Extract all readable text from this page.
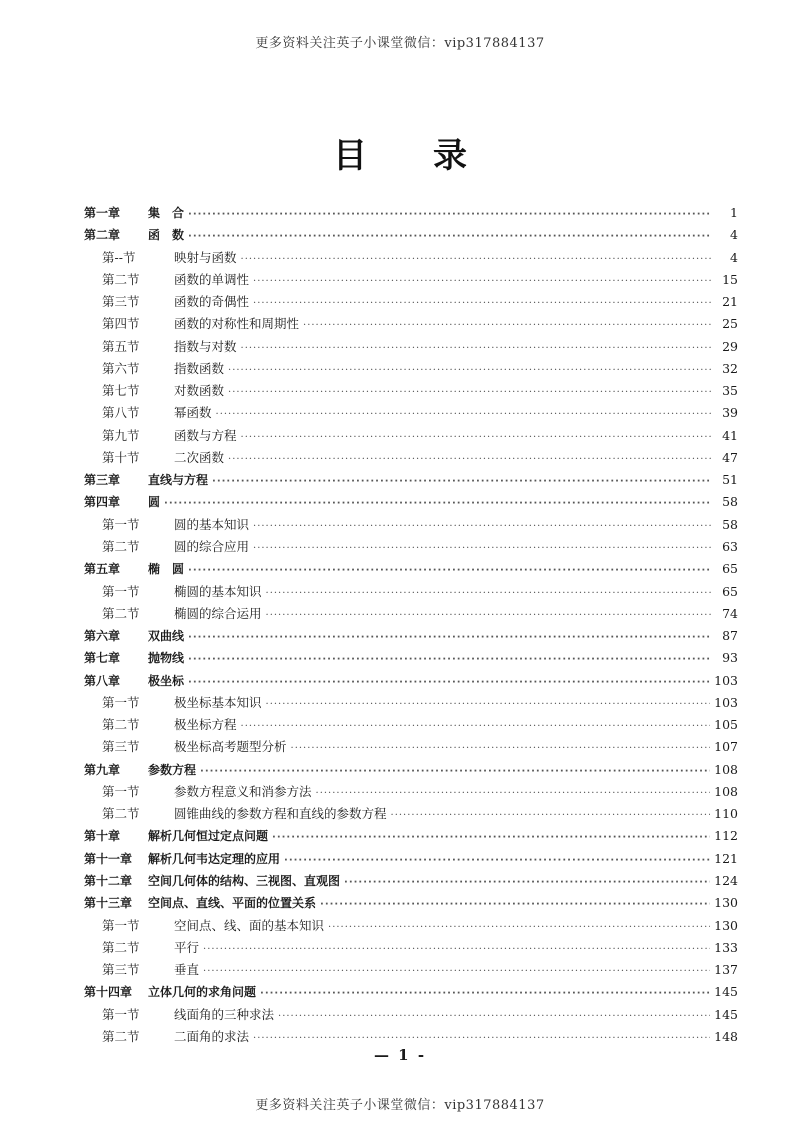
更多资料关注英子小课堂微信：vip317884137
目 录
第一章	集　合 ·····	1
第二章	函　数 ·····	4
第--节	映射与函数 ·····	4
第二节	函数的单调性 ·····	15
第三节	函数的奇偶性 ·····	21
第四节	函数的对称性和周期性 ·····	25
第五节	指数与对数 ·····	29
第六节	指数函数 ·····	32
第七节	对数函数 ·····	35
第八节	幂函数 ·····	39
第九节	函数与方程 ·····	41
第十节	二次函数 ·····	47
第三章	直线与方程 ·····	51
第四章	圆 ·····	58
第一节	圆的基本知识 ·····	58
第二节	圆的综合应用 ·····	63
第五章	椭　圆 ·····	65
第一节	椭圆的基本知识 ·····	65
第二节	椭圆的综合运用 ·····	74
第六章	双曲线 ·····	87
第七章	抛物线 ·····	93
第八章	极坐标 ·····	103
第一节	极坐标基本知识 ·····	103
第二节	极坐标方程 ·····	105
第三节	极坐标高考题型分析 ·····	107
第九章	参数方程 ·····	108
第一节	参数方程意义和消参方法 ·····	108
第二节	圆锥曲线的参数方程和直线的参数方程 ·····	110
第十章	解析几何恒过定点问题 ·····	112
第十一章 解析几何韦达定理的应用 ·····	121
第十二章 空间几何体的结构、三视图、直观图 ·····	124
第十三章 空间点、直线、平面的位置关系 ·····	130
第一节	空间点、线、面的基本知识 ·····	130
第二节	平行 ·····	133
第三节	垂直 ·····	137
第十四章 立体几何的求角问题 ·····	145
第一节	线面角的三种求法 ·····	145
第二节	二面角的求法 ·····	148
— 1 -
更多资料关注英子小课堂微信：vip317884137
